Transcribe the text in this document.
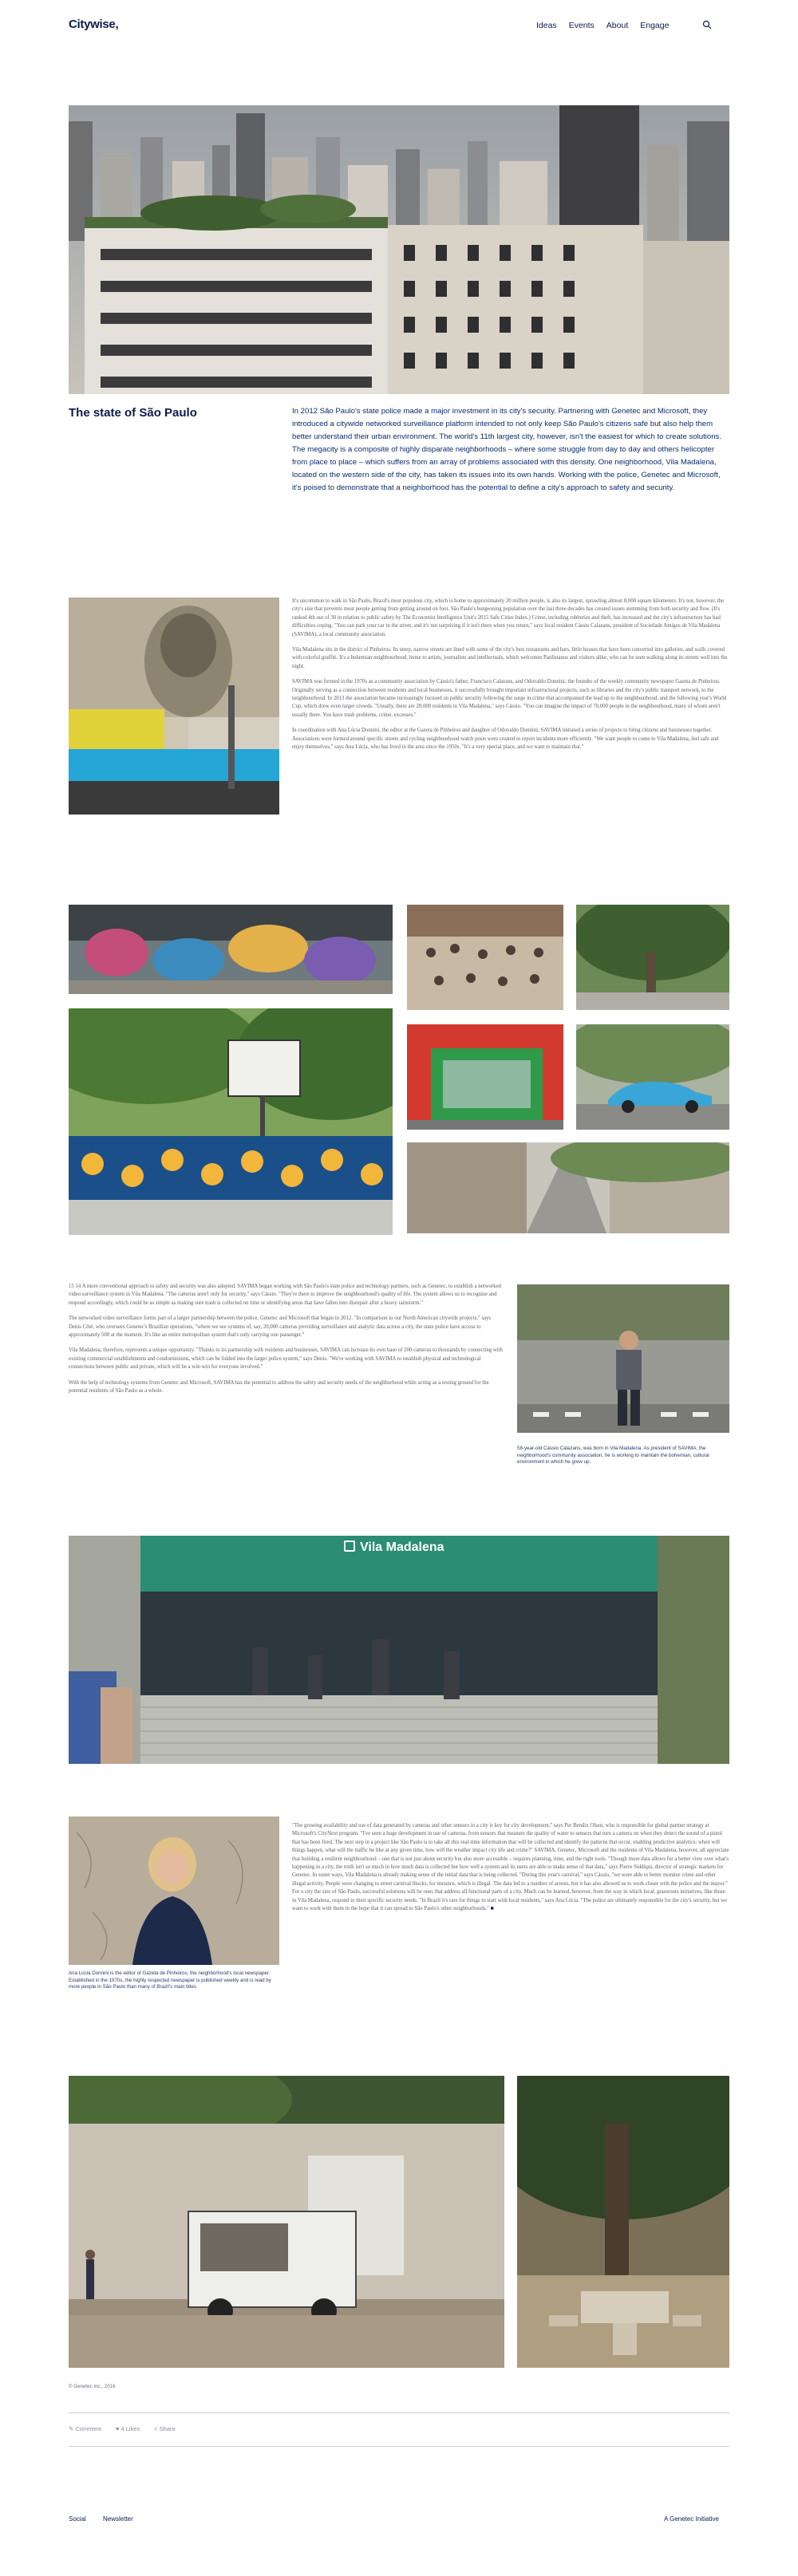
Citywise,	Ideas Events About Engage
The state of São Paulo	In 2012 São Paulo's state police made a major investment in its city's security. Partnering with Genetec and Microsoft, they introduced a citywide networked surveillance platform intended to not only keep São Paulo's citizens safe but also help them better understand their urban environment. The world's 11th largest city, however, isn't the easiest for which to create solutions. The megacity is a composite of highly disparate neighborhoods – where some struggle from day to day and others helicopter from place to place – which suffers from an array of problems associated with this density. One neighborhood, Vila Madalena, located on the western side of the city, has taken its issues into its own hands. Working with the police, Genetec and Microsoft, it's poised to demonstrate that a neighborhood has the potential to define a city's approach to safety and security.

It's uncommon to walk in São Paulo, Brazil's most populous city, which is home to approximately 20 million people, is also its largest, sprawling almost 8,000 square kilometers. It's not, however, the city's size that prevents most people getting from getting around on foot. São Paulo's burgeoning population over the last three decades has created issues stemming from both security and flow. (It's ranked 4th out of 30 in relation to public safety by The Economist Intelligence Unit's 2015 Safe Cities Index.) Crime, including robberies and theft, has increased and the city's infrastructure has had difficulties coping. "You can park your car in the street, and it's not surprising if it isn't there when you return," says local resident Cássio Calazans, president of Sociedade Amigos de Vila Madalena (SAVIMA), a local community association.

Vila Madalena sits in the district of Pinheiros. Its steep, narrow streets are lined with some of the city's best restaurants and bars, little houses that have been converted into galleries, and walls covered with colorful graffiti. It's a bohemian neighbourhood, home to artists, journalists and intellectuals, which welcomes Paulistanos and visitors alike, who can be seen walking along its streets well into the night.

SAVIMA was formed in the 1970s as a community association by Cássio's father, Francisco Calazans, and Odovaldo Donnini, the founder of the weekly community newspaper Gazeta de Pinheiros. Originally serving as a connection between residents and local businesses, it successfully brought important infrastructural projects, such as libraries and the city's public transport network, to the neighbourhood. In 2013 the association became increasingly focused on public security following the surge in crime that accompanied the lead up to the neighbourhood, and the following year's World Cup, which drew even larger crowds. "Usually, there are 20,000 residents in Vila Madalena," says Cássio. "You can imagine the impact of 70,000 people in the neighbourhood, many of whom aren't usually there. You have trash problems, crime, excesses."

In coordination with Ana Lúcia Donnini, the editor at the Gazeta de Pinheiros and daughter of Odovaldo Donnini, SAVIMA initiated a series of projects to bring citizens and businesses together. Associations were formed around specific streets and cycling neighbourhood watch posts were created to report incidents more efficiently. "We want people to come to Vila Madalena, feel safe and enjoy themselves," says Ana Lúcia, who has lived in the area since the 1950s. "It's a very special place, and we want to maintain that."

15 14 A more conventional approach to safety and security was also adopted. SAVIMA began working with São Paulo's state police and technology partners, such as Genetec, to establish a networked video surveillance system in Vila Madalena. "The cameras aren't only for security," says Cássio. "They're there to improve the neighbourhood's quality of life. The system allows us to recognize and respond accordingly, which could be as simple as making sure trash is collected on time or identifying areas that have fallen into disrepair after a heavy rainstorm."

The networked video surveillance forms part of a larger partnership between the police, Genetec and Microsoft that began in 2012. "In comparison to our North American citywide projects," says Denis Côté, who oversees Genetec's Brazilian operations, "where we see systems of, say, 20,000 cameras providing surveillance and analytic data across a city, the state police have access to approximately 500 at the moment. It's like an entire metropolitan system that's only carrying one passenger."

Vila Madalena, therefore, represents a unique opportunity. "Thanks to its partnership with residents and businesses, SAVIMA can increase its own base of 200 cameras to thousands by connecting with existing commercial establishments and condominiums, which can be folded into the larger police system," says Denis. "We're working with SAVIMA to establish physical and technological connections between public and private, which will be a win-win for everyone involved."

With the help of technology systems from Genetec and Microsoft, SAVIMA has the potential to address the safety and security needs of the neighborhood while acting as a testing ground for the potential residents of São Paulo as a whole.

58-year-old Cássio Calazans, was born in Vila Madalena. As president of SAVIMA, the neighborhood's community association, he is working to maintain the bohemian, cultural environment in which he grew up.
Vila Madalena
Ana Lúcia Donnini is the editor of Gazeta de Pinheiros, the neighborhood's local newspaper. Established in the 1970s, the highly respected newspaper is published weekly and is read by more people in São Paulo than many of Brazil's main titles.

"The growing availability and use of data generated by cameras and other sensors in a city is key for city development," says Per Bendix Olsen, who is responsible for global partner strategy at Microsoft's CityNext program. "I've seen a huge development in use of cameras, from sensors that measure the quality of water to sensors that turn a camera on when they detect the sound of a pistol that has been fired. The next step in a project like São Paulo is to take all this real-time information that will be collected and identify the patterns that occur, enabling predictive analytics: when will things happen, what will the traffic be like at any given time, how will the weather impact city life and crime?" SAVIMA, Genetec, Microsoft and the residents of Vila Madalena, however, all appreciate that building a resilient neighbourhood – one that is not just about security but also more accessible – requires planning, time, and the right tools. "Though more data allows for a better view over what's happening in a city, the truth isn't so much in how much data is collected but how well a system and its users are able to make sense of that data," says Pierre Siddiqui, director of strategic markets for Genetec. In some ways, Vila Madalena is already making sense of the initial data that is being collected. "During this year's carnival," says Cássio, "we were able to better monitor crime and other illegal activity. People were changing to street carnival blocks, for instance, which is illegal. The data led to a number of arrests, but it has also allowed us to work closer with the police and the mayor." For a city the size of São Paulo, successful solutions will be ones that address all functional parts of a city. Much can be learned, however, from the way in which local, grassroots initiatives, like those in Vila Madalena, respond to their specific security needs. "In Brazil it's rare for things to start with local residents," says Ana Lúcia. "The police are ultimately responsible for the city's security, but we want to work with them in the hope that it can spread to São Paulo's other neighborhoods." ■

© Genetec Inc., 2016
✎ Comment ♥ 4 Likes < Share
Social	Newsletter	A Genetec Initiative
